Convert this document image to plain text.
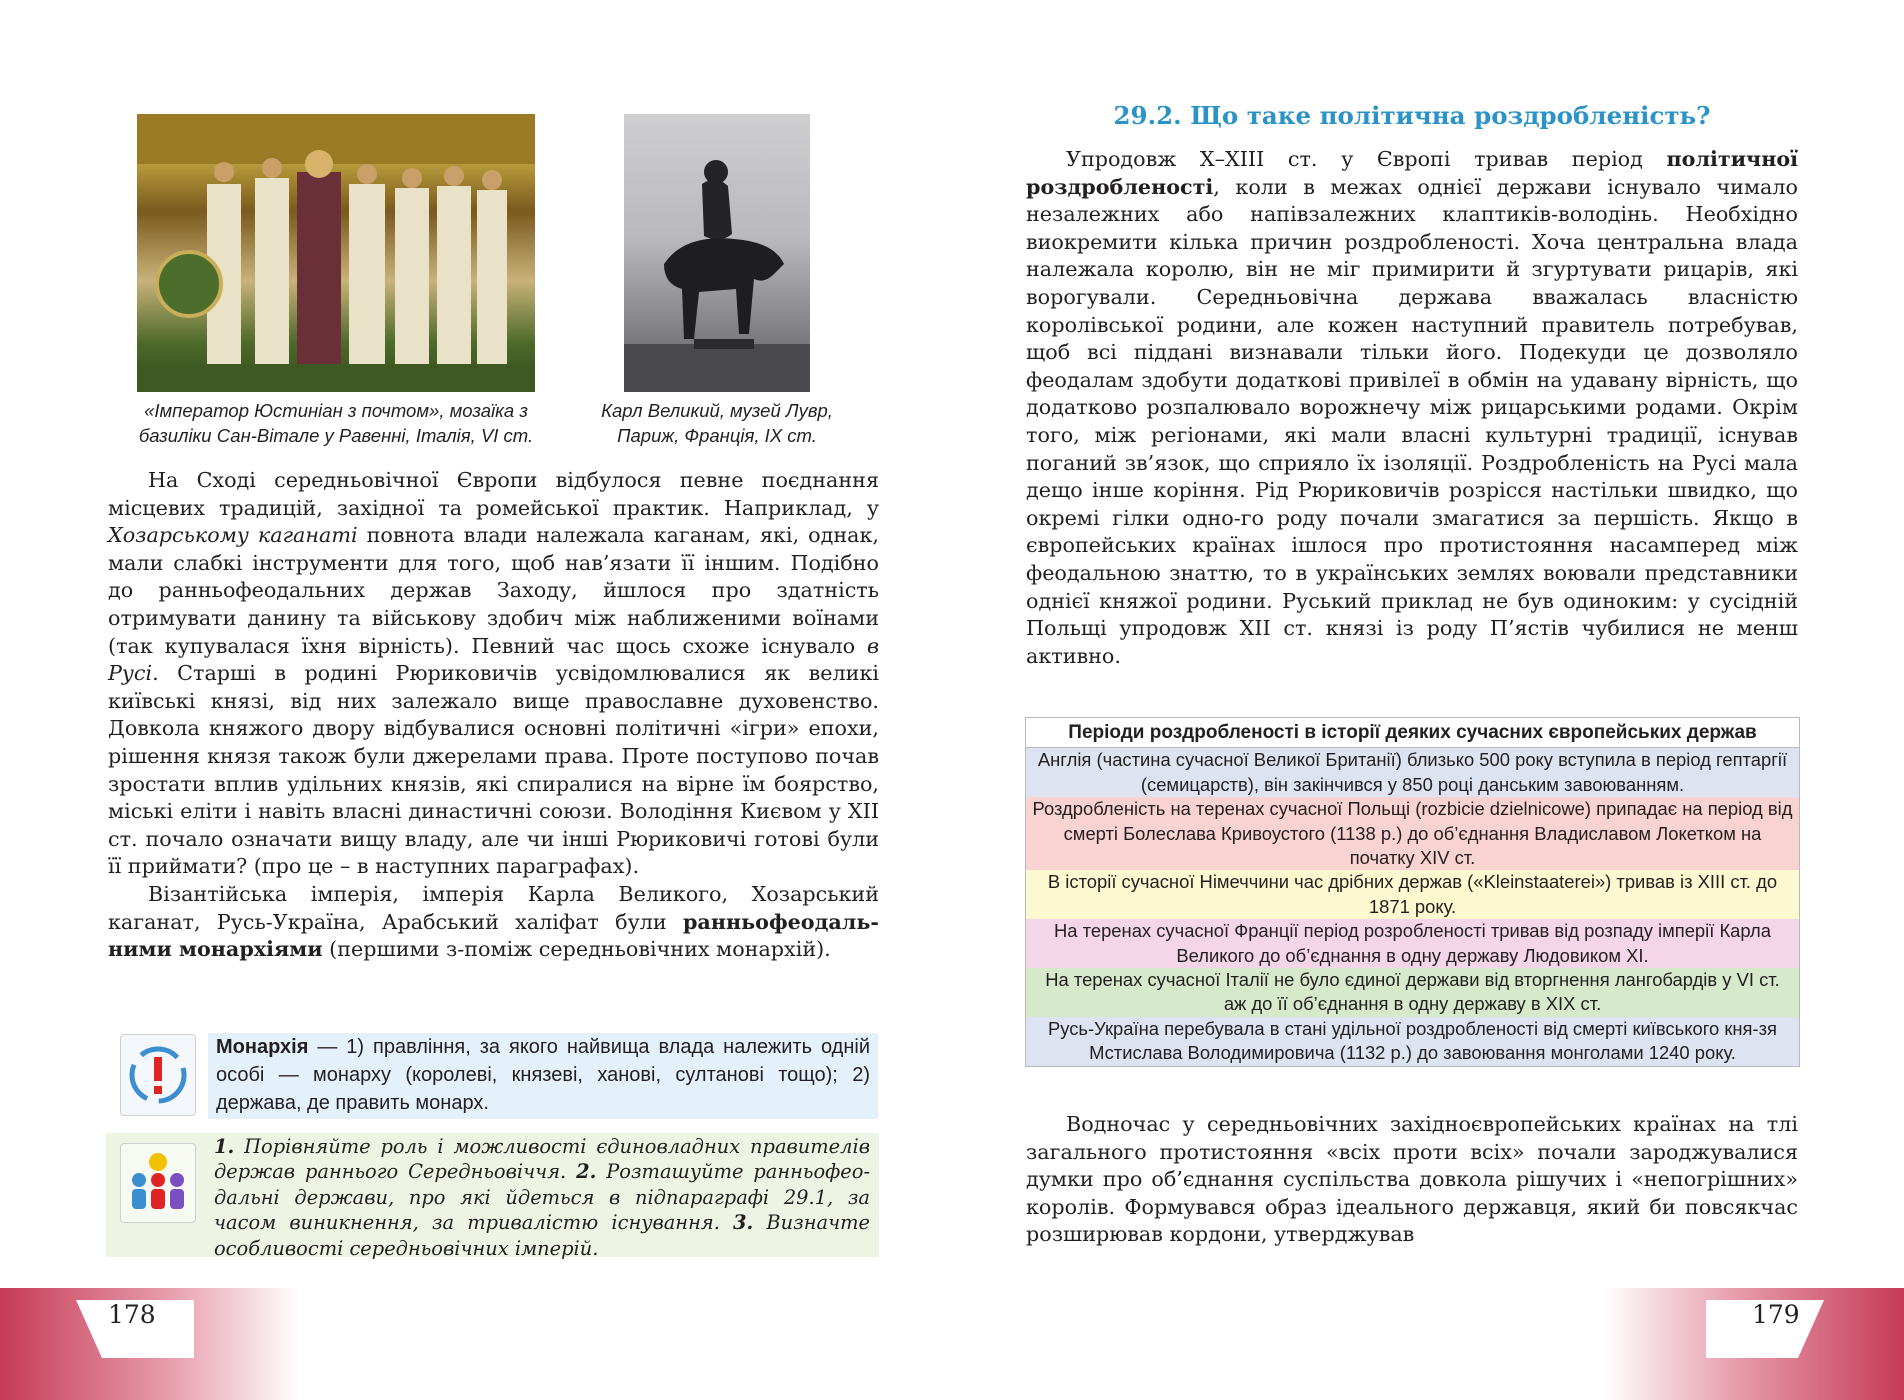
«Імператор Юстиніан з почтом», мозаїка з базиліки Сан-Вітале у Равенні, Італія, VI ст.
Карл Великий, музей Лувр, Париж, Франція, IX ст.

На Сході середньовічної Європи відбулося певне поєднання місцевих традицій, західної та ромейської практик. Наприклад, у Хозарському каганаті повнота влади належала каганам, які, однак, мали слабкі інструменти для того, щоб нав’язати її іншим. Подібно до ранньофеодальних держав Заходу, йшлося про здатність отримувати данину та військову здобич між наближеними воїнами (так купувалася їхня вірність). Певний час щось схоже існувало в Русі. Старші в родині Рюриковичів усвідомлювалися як великі київські князі, від них залежало вище православне духовенство. Довкола княжого двору відбувалися основні політичні «ігри» епохи, рішення князя також були джерелами права. Проте поступово почав зростати вплив удільних князів, які спиралися на вірне їм боярство, міські еліти і навіть власні династичні союзи. Володіння Києвом у XII ст. почало означати вищу владу, але чи інші Рюриковичі готові були її приймати? (про це – в наступних параграфах).

Візантійська імперія, імперія Карла Великого, Хозарський каганат, Русь-Україна, Арабський халіфат були ранньофеодаль-ними монархіями (першими з-поміж середньовічних монархій).

Монархія — 1) правління, за якого найвища влада належить одній особі — монарху (королеві, князеві, ханові, султанові тощо); 2) держава, де править монарх.
1. Порівняйте роль і можливості єдиновладних правителів держав раннього Середньовіччя. 2. Розташуйте ранньофео-дальні держави, про які йдеться в підпараграфі 29.1, за часом виникнення, за тривалістю існування. 3. Визначте особливості середньовічних імперій.
29.2. Що таке політична роздробленість?

Упродовж X–XIII ст. у Європі тривав період політичної роздробленості, коли в межах однієї держави існувало чимало незалежних або напівзалежних клаптиків-володінь. Необхідно виокремити кілька причин роздробленості. Хоча центральна влада належала королю, він не міг примирити й згуртувати рицарів, які ворогували. Середньовічна держава вважалась власністю королівської родини, але кожен наступний правитель потребував, щоб всі піддані визнавали тільки його. Подекуди це дозволяло феодалам здобути додаткові привілеї в обмін на удавану вірність, що додатково розпалювало ворожнечу між рицарськими родами. Окрім того, між регіонами, які мали власні культурні традиції, існував поганий зв’язок, що сприяло їх ізоляції. Роздробленість на Русі мала дещо інше коріння. Рід Рюриковичів розрісся настільки швидко, що окремі гілки одно-го роду почали змагатися за першість. Якщо в європейських країнах ішлося про протистояння насамперед між феодальною знаттю, то в українських землях воювали представники однієї княжої родини. Руський приклад не був одиноким: у сусідній Польщі упродовж XII ст. князі із роду П’ястів чубилися не менш активно.

Періоди роздробленості в історії деяких сучасних європейських держав
Англія (частина сучасної Великої Британії) близько 500 року вступила в період гептаргії (семицарств), він закінчився у 850 році данським завоюванням.
Роздробленість на теренах сучасної Польщі (rozbicie dzielnicowe) припадає на період від смерті Болеслава Кривоустого (1138 р.) до об’єднання Владиславом Локетком на початку XIV ст.
В історії сучасної Німеччини час дрібних держав («Kleinstaaterei») тривав із XIII ст. до 1871 року.
На теренах сучасної Франції період розробленості тривав від розпаду імперії Карла Великого до об’єднання в одну державу Людовиком XI.
На теренах сучасної Італії не було єдиної держави від вторгнення лангобардів у VI ст. аж до її об’єднання в одну державу в XIX ст.
Русь-Україна перебувала в стані удільної роздробленості від смерті київського кня-зя Мстислава Володимировича (1132 р.) до завоювання монголами 1240 року.

Водночас у середньовічних західноєвропейських країнах на тлі загального протистояння «всіх проти всіх» почали зароджувалися думки про об’єднання суспільства довкола рішучих і «непогрішних» королів. Формувався образ ідеального державця, який би повсякчас розширював кордони, утверджував

178	179
